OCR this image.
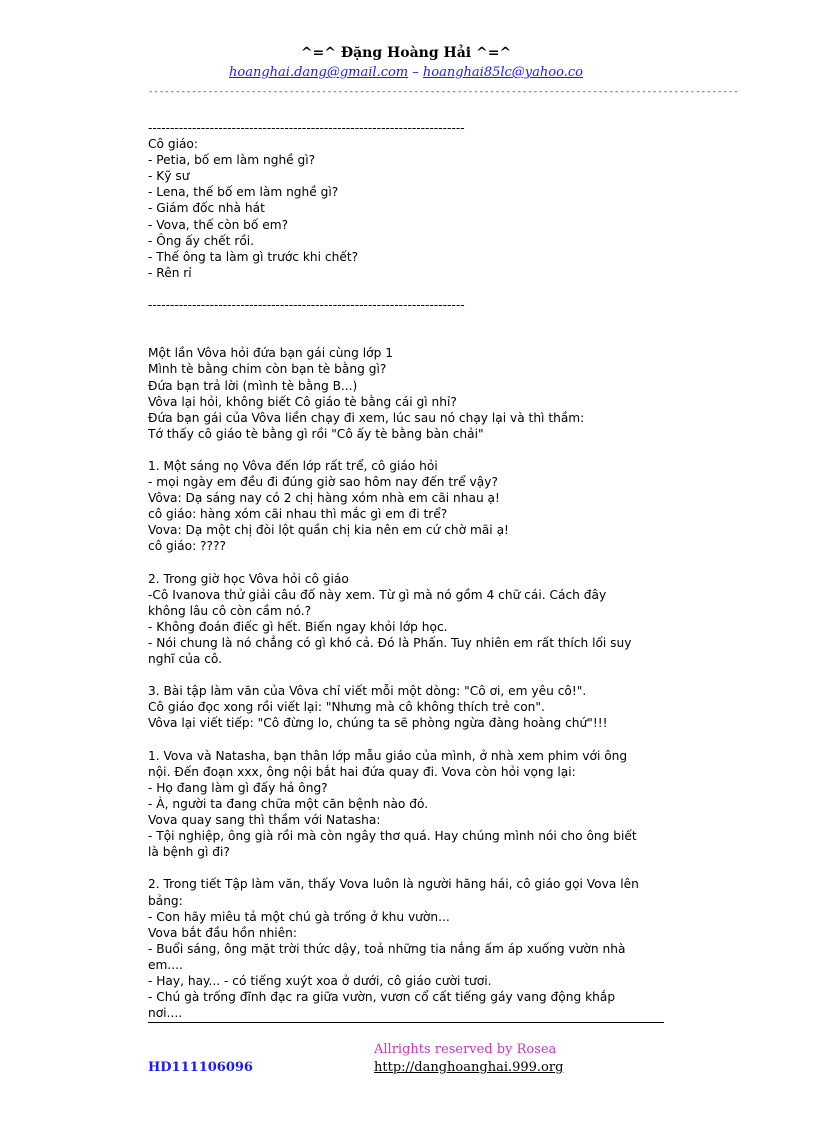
^=^ Đặng Hoàng Hải ^=^
hoanghai.dang@gmail.com – hoanghai85lc@yahoo.co
-------------------------------------------------------------------------------------------------------------
------------------------------------------------------------------------
Cô giáo:
- Petia, bố em làm nghề gì?
- Kỹ sư
- Lena, thế bố em làm nghề gì?
- Giám đốc nhà hát
- Vova, thế còn bố em?
- Ông ấy chết rồi.
- Thế ông ta làm gì trước khi chết?
- Rên rỉ
------------------------------------------------------------------------
Một lần Vôva hỏi đứa bạn gái cùng lớp 1
Mình tè bằng chim còn bạn tè bằng gì?
Đứa bạn trả lời (mình tè bằng B...)
Vôva lại hỏi, không biết Cô giáo tè bằng cái gì nhỉ?
Đứa bạn gái của Vôva liền chạy đi xem, lúc sau nó chạy lại và thì thầm:
Tớ thấy cô giáo tè bằng gì rồi "Cô ấy tè bằng bàn chải"
1. Một sáng nọ Vôva đến lớp rất trể, cô giáo hỏi
- mọi ngày em đều đi đúng giờ sao hôm nay đến trể vậy?
Vôva: Dạ sáng nay có 2 chị hàng xóm nhà em cãi nhau ạ!
cô giáo: hàng xóm cãi nhau thì mắc gì em đi trể?
Vova: Dạ một chị đòi lột quần chị kia nên em cứ chờ mãi ạ!
cô giáo: ????
2. Trong giờ học Vôva hỏi cô giáo
-Cô Ivanova thử giải câu đố này xem. Từ gì mà nó gồm 4 chữ cái. Cách đây
không lâu cô còn cầm nó.?
- Không đoán điếc gì hết. Biến ngay khỏi lớp học.
- Nói chung là nó chẳng có gì khó cả. Đó là Phấn. Tuy nhiên em rất thích lối suy
nghĩ của cô.
3. Bài tập làm văn của Vôva chỉ viết mỗi một dòng: "Cô ơi, em yêu cô!".
Cô giáo đọc xong rồi viết lại: "Nhưng mà cô không thích trẻ con".
Vôva lại viết tiếp: "Cô đừng lo, chúng ta sẽ phòng ngừa đàng hoàng chứ"!!!
1. Vova và Natasha, bạn thân lớp mẫu giáo của mình, ở nhà xem phim với ông
nội. Đến đoạn xxx, ông nội bắt hai đứa quay đi. Vova còn hỏi vọng lại:
- Họ đang làm gì đấy hả ông?
- À, người ta đang chữa một căn bệnh nào đó.
Vova quay sang thì thầm với Natasha:
- Tội nghiệp, ông già rồi mà còn ngây thơ quá. Hay chúng mình nói cho ông biết
là bệnh gì đi?
2. Trong tiết Tập làm văn, thấy Vova luôn là người hăng hái, cô giáo gọi Vova lên
bảng:
- Con hãy miêu tả một chú gà trống ở khu vườn...
Vova bắt đầu hồn nhiên:
- Buổi sáng, ông mặt trời thức dậy, toả những tia nắng ấm áp xuống vườn nhà
em....
- Hay, hay... - có tiếng xuýt xoa ở dưới, cô giáo cười tươi.
- Chú gà trống đĩnh đạc ra giữa vườn, vươn cổ cất tiếng gáy vang động khắp
nơi....
Allrights reserved by Rosea
HD111106096	http://danghoanghai.999.org
